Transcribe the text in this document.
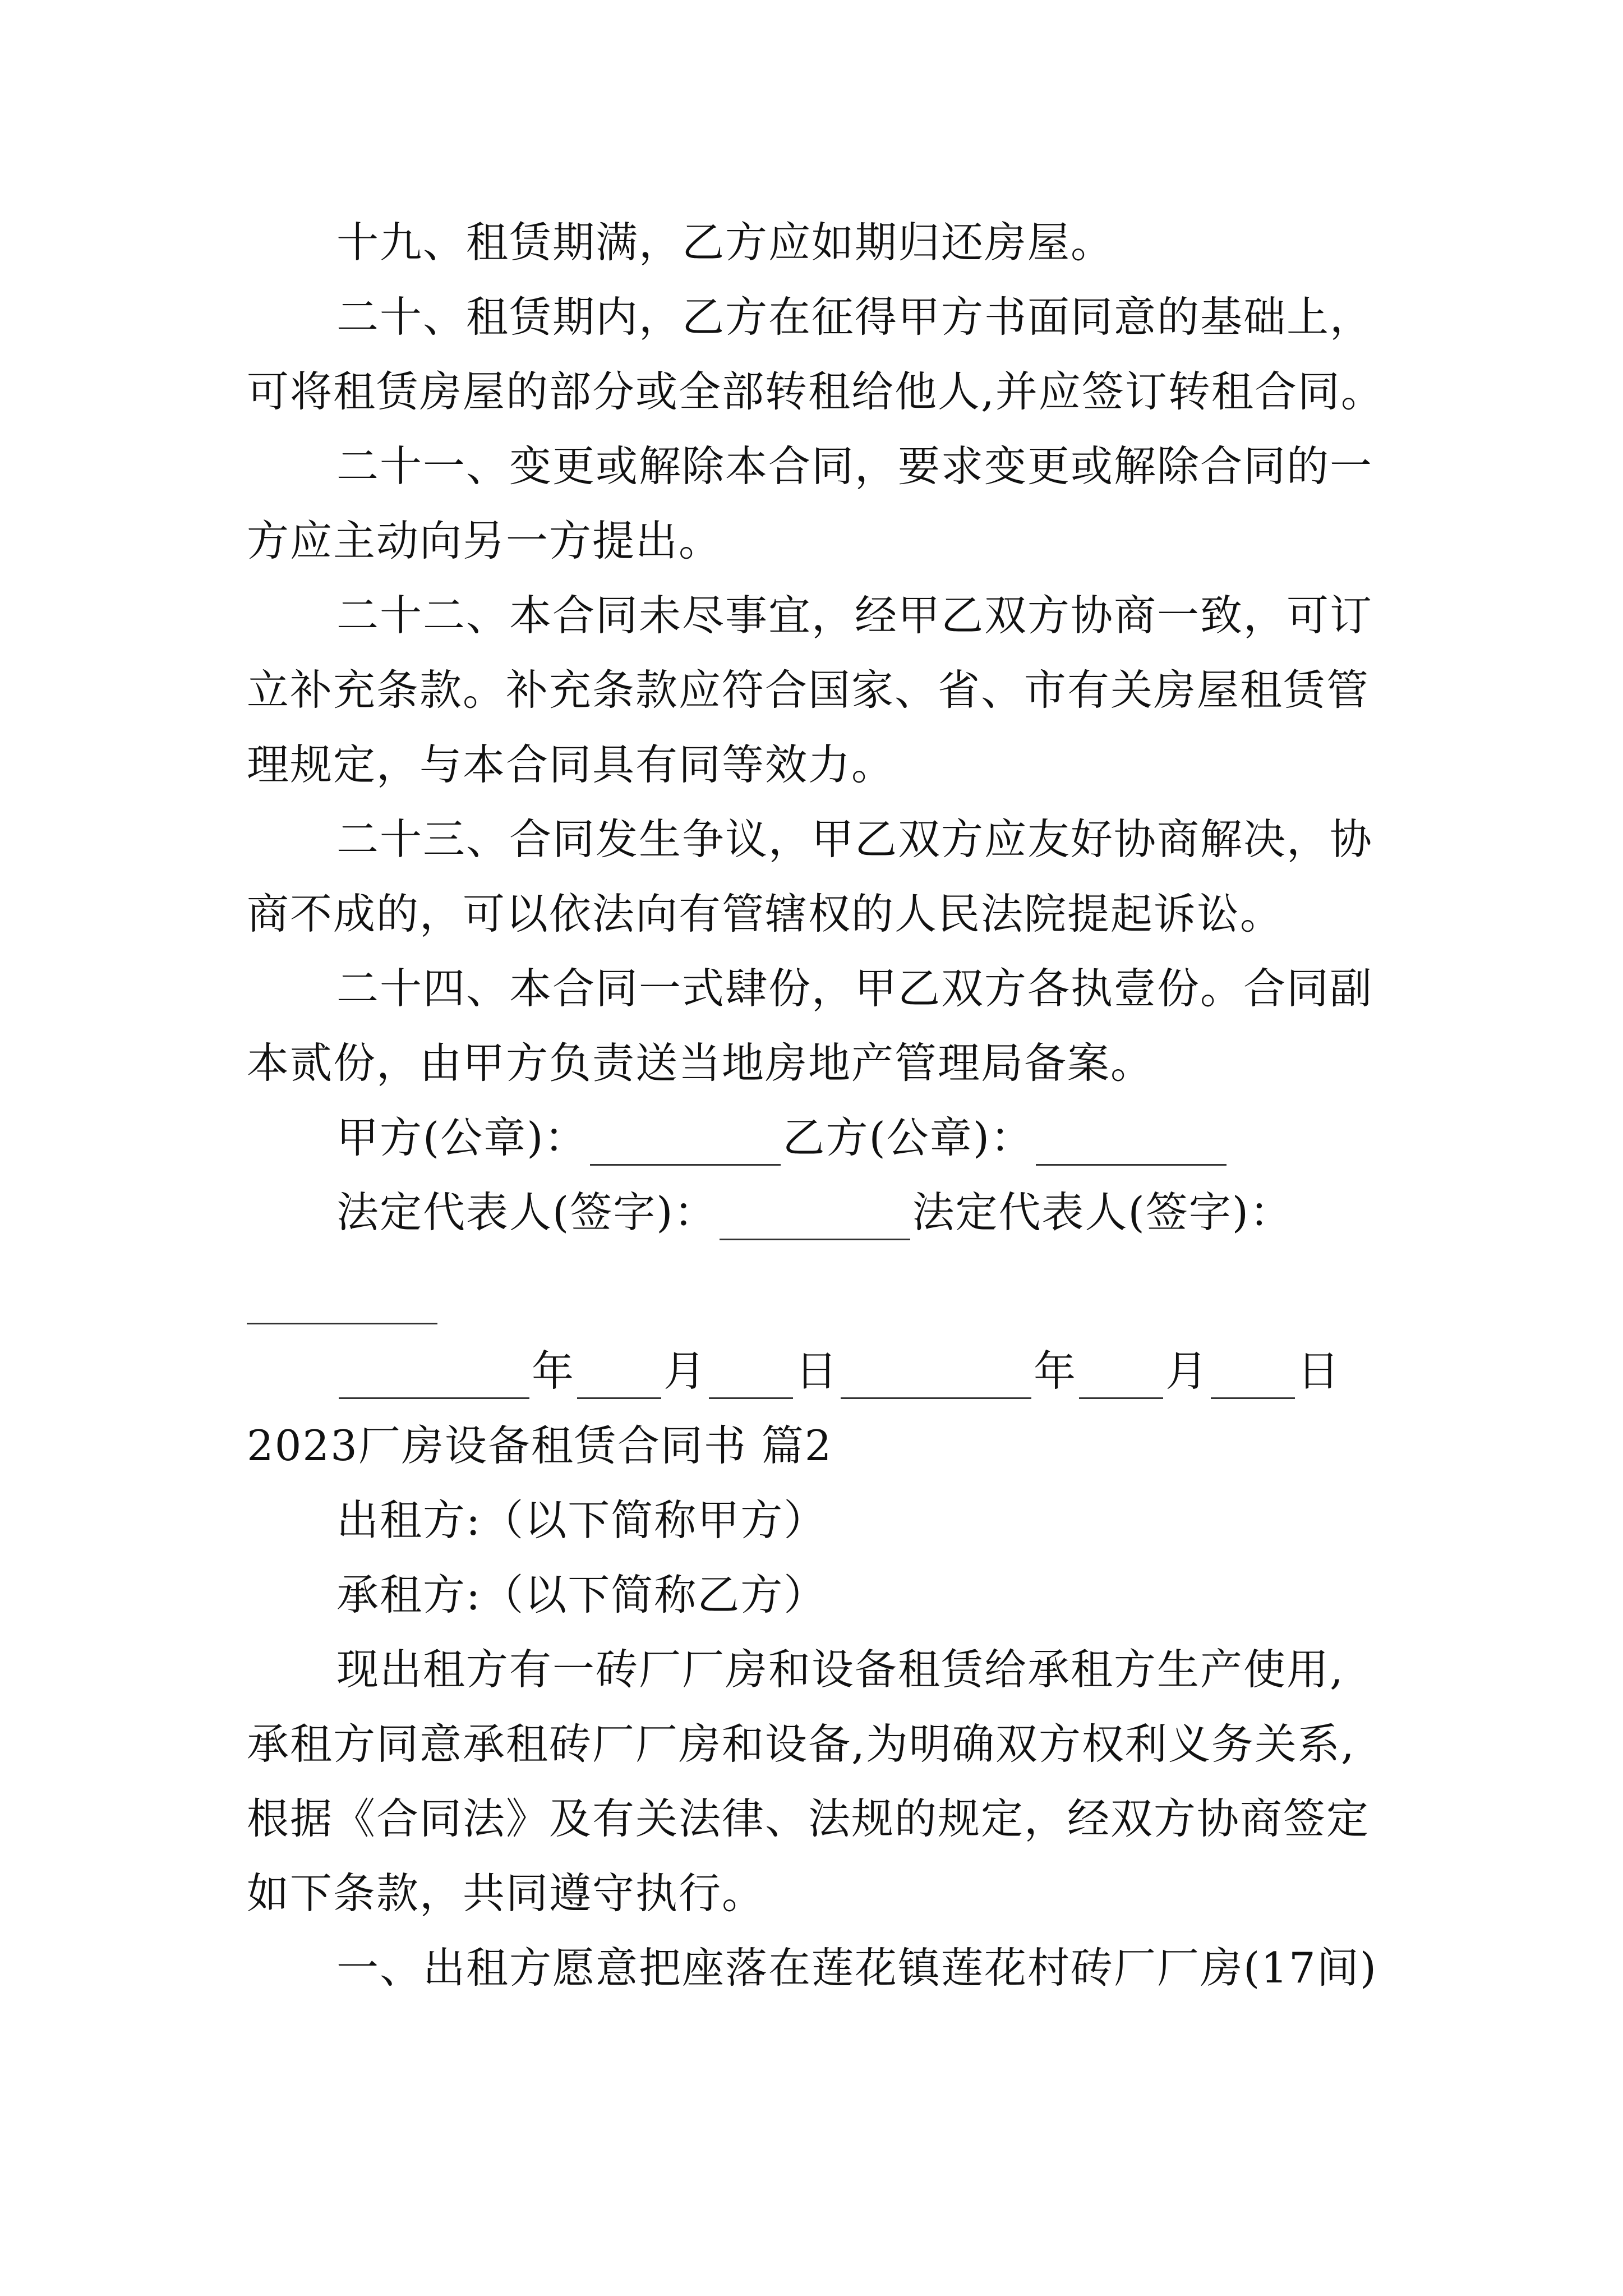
十九、租赁期满，乙方应如期归还房屋。
二十、租赁期内，乙方在征得甲方书面同意的基础上，
可将租赁房屋的部分或全部转租给他人,并应签订转租合同。
二十一、变更或解除本合同，要求变更或解除合同的一
方应主动向另一方提出。
二十二、本合同未尽事宜，经甲乙双方协商一致，可订
立补充条款。补充条款应符合国家、省、市有关房屋租赁管
理规定，与本合同具有同等效力。
二十三、合同发生争议，甲乙双方应友好协商解决，协
商不成的，可以依法向有管辖权的人民法院提起诉讼。
二十四、本合同一式肆份，甲乙双方各执壹份。合同副
本贰份，由甲方负责送当地房地产管理局备案。
甲方(公章)：	乙方(公章)：
法定代表人(签字)：	法定代表人(签字)：
年 月 日	年 月 日
2023厂房设备租赁合同书 篇2
出租方:（以下简称甲方）
承租方:（以下简称乙方）
现出租方有一砖厂厂房和设备租赁给承租方生产使用,
承租方同意承租砖厂厂房和设备,为明确双方权利义务关系,
根据《合同法》及有关法律、法规的规定，经双方协商签定
如下条款，共同遵守执行。
一、出租方愿意把座落在莲花镇莲花村砖厂厂房(17间)
